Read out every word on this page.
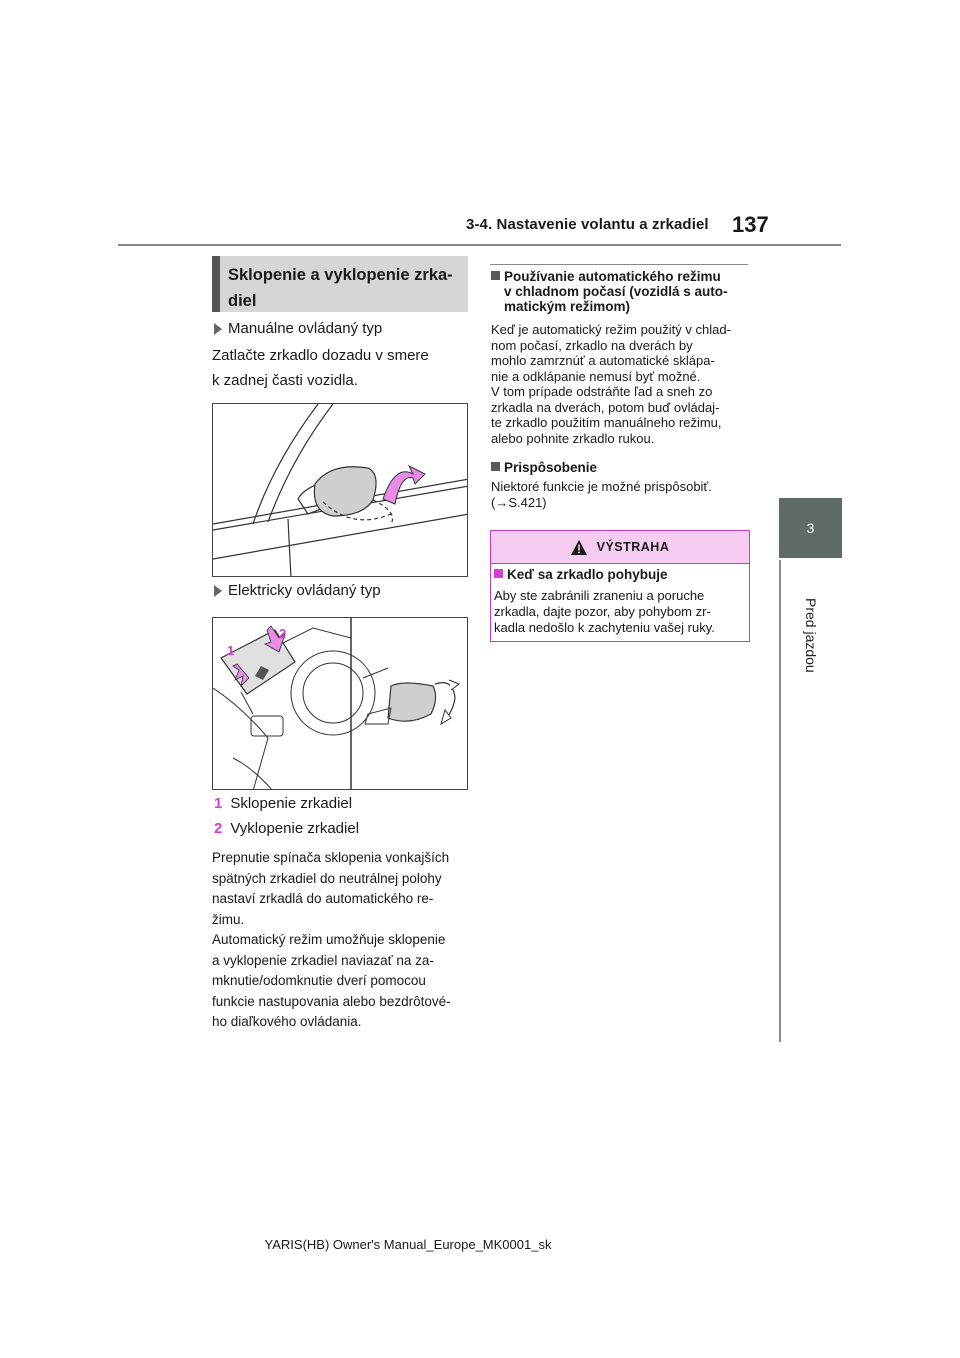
3-4. Nastavenie volantu a zrkadiel 137
3
Pred jazdou
Sklopenie a vyklopenie zrka-
diel
Manuálne ovládaný typ
Zatlačte zrkadlo dozadu v smere
k zadnej časti vozidla.
Elektricky ovládaný typ
1
2
1 Sklopenie zrkadiel
2 Vyklopenie zrkadiel
Prepnutie spínača sklopenia vonkajších
spätných zrkadiel do neutrálnej polohy
nastaví zrkadlá do automatického re-
žimu.
Automatický režim umožňuje sklopenie
a vyklopenie zrkadiel naviazať na za-
mknutie/odomknutie dverí pomocou
funkcie nastupovania alebo bezdrôtové-
ho diaľkového ovládania.
Používanie automatického režimu
v chladnom počasí (vozidlá s auto-
matickým režimom)
Keď je automatický režim použitý v chlad-
nom počasí, zrkadlo na dverách by
mohlo zamrznúť a automatické sklápa-
nie a odklápanie nemusí byť možné.
V tom prípade odstráňte ľad a sneh zo
zrkadla na dverách, potom buď ovládaj-
te zrkadlo použitím manuálneho režimu,
alebo pohnite zrkadlo rukou.
Prispôsobenie
Niektoré funkcie je možné prispôsobiť.
(→S.421)
VÝSTRAHA
Keď sa zrkadlo pohybuje
Aby ste zabránili zraneniu a poruche
zrkadla, dajte pozor, aby pohybom zr-
kadla nedošlo k zachyteniu vašej ruky.
YARIS(HB) Owner's Manual_Europe_MK0001_sk
